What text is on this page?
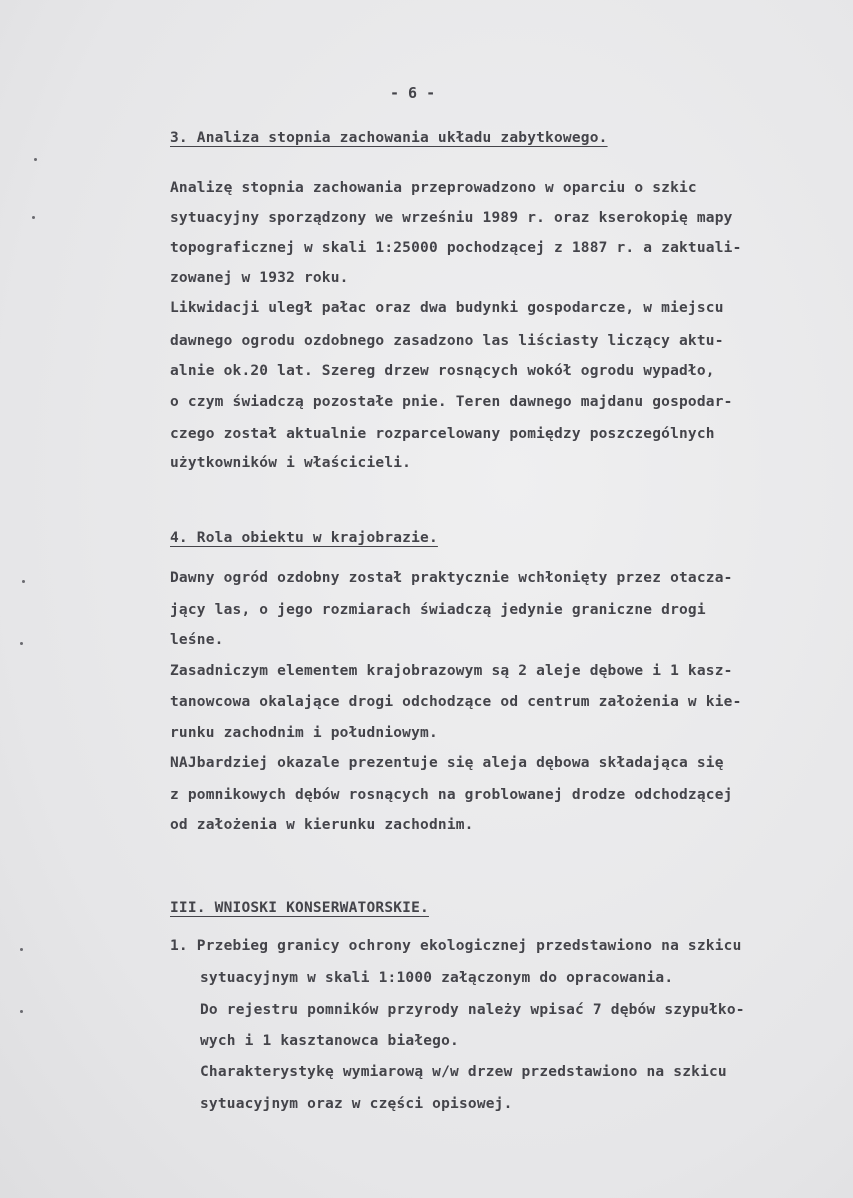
- 6 -
3. Analiza stopnia zachowania układu zabytkowego.
Analizę stopnia zachowania przeprowadzono w oparciu o szkic
sytuacyjny sporządzony we wrześniu 1989 r. oraz kserokopię mapy
topograficznej w skali 1:25000 pochodzącej z 1887 r. a zaktuali-
zowanej w 1932 roku.
Likwidacji uległ pałac oraz dwa budynki gospodarcze, w miejscu
dawnego ogrodu ozdobnego zasadzono las liściasty liczący aktu-
alnie ok.20 lat. Szereg drzew rosnących wokół ogrodu wypadło,
o czym świadczą pozostałe pnie. Teren dawnego majdanu gospodar-
czego został aktualnie rozparcelowany pomiędzy poszczególnych
użytkowników i właścicieli.
4. Rola obiektu w krajobrazie.
Dawny ogród ozdobny został praktycznie wchłonięty przez otacza-
jący las, o jego rozmiarach świadczą jedynie graniczne drogi
leśne.
Zasadniczym elementem krajobrazowym są 2 aleje dębowe i 1 kasz-
tanowcowa okalające drogi odchodzące od centrum założenia w kie-
runku zachodnim i południowym.
NAJbardziej okazale prezentuje się aleja dębowa składająca się
z pomnikowych dębów rosnących na groblowanej drodze odchodzącej
od założenia w kierunku zachodnim.
III. WNIOSKI KONSERWATORSKIE.
1. Przebieg granicy ochrony ekologicznej przedstawiono na szkicu
sytuacyjnym w skali 1:1000 załączonym do opracowania.
Do rejestru pomników przyrody należy wpisać 7 dębów szypułko-
wych i 1 kasztanowca białego.
Charakterystykę wymiarową w/w drzew przedstawiono na szkicu
sytuacyjnym oraz w części opisowej.
